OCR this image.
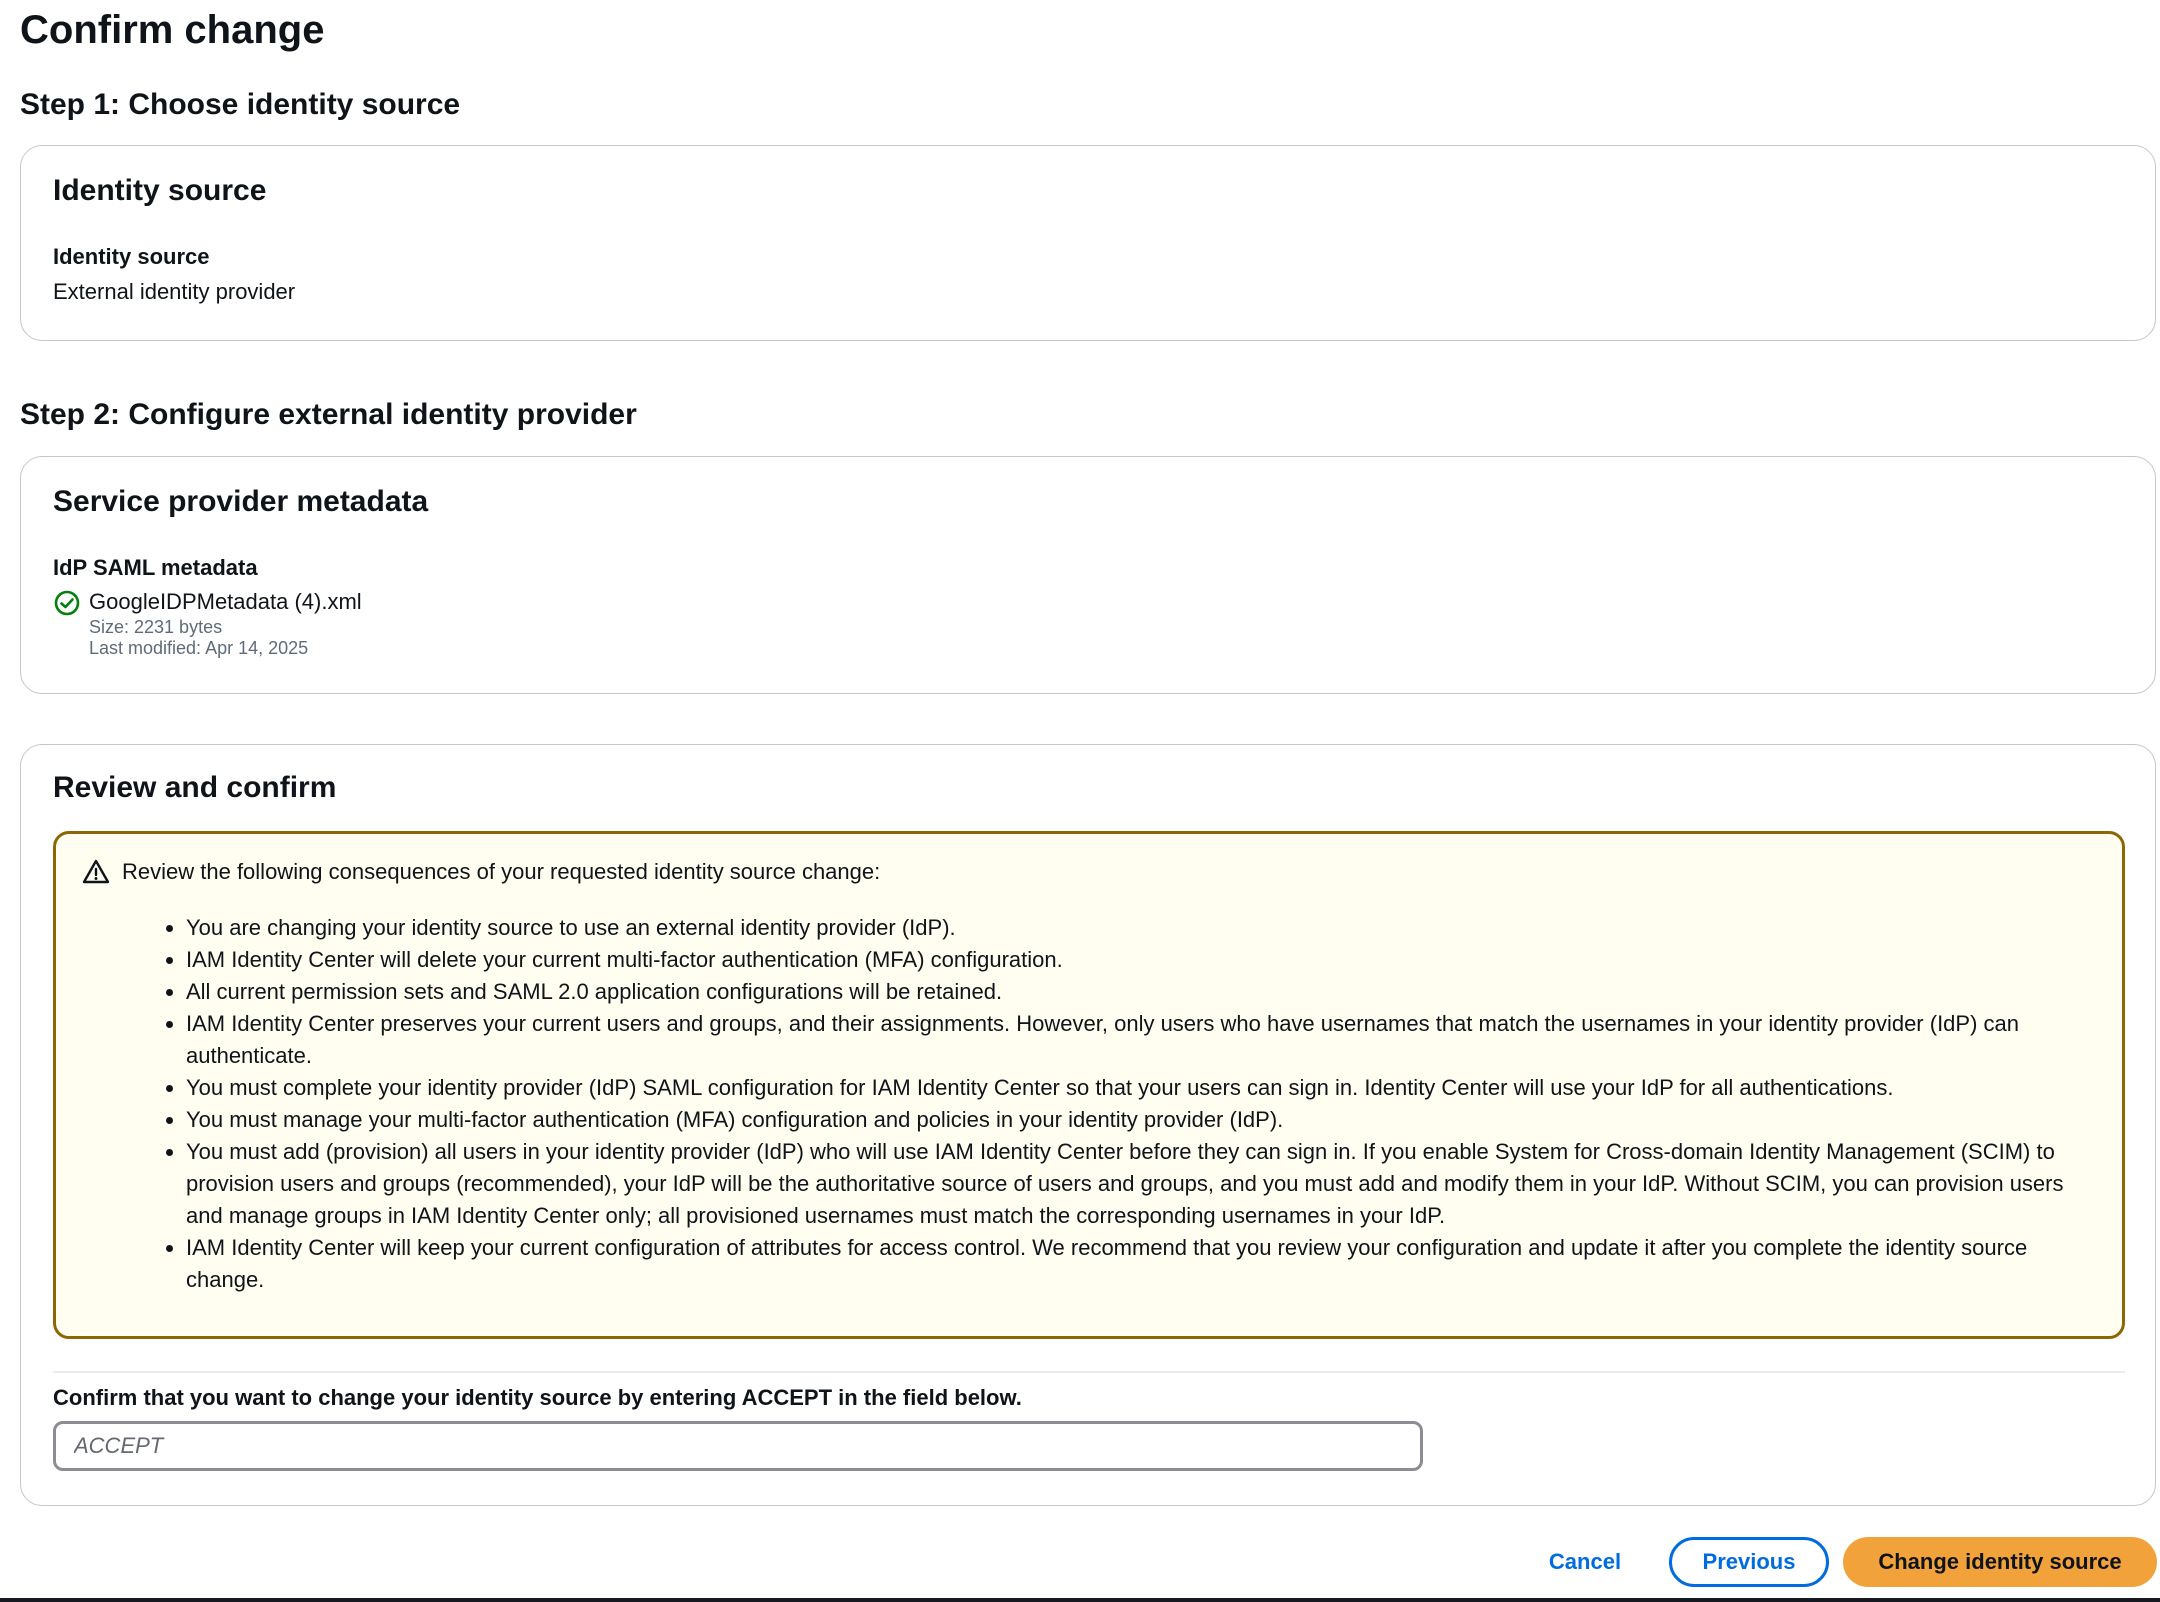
Confirm change
Step 1: Choose identity source
Identity source
Identity source
External identity provider
Step 2: Configure external identity provider
Service provider metadata
IdP SAML metadata
GoogleIDPMetadata (4).xml
Size: 2231 bytes
Last modified: Apr 14, 2025
Review and confirm
Review the following consequences of your requested identity source change:
• You are changing your identity source to use an external identity provider (IdP).
• IAM Identity Center will delete your current multi-factor authentication (MFA) configuration.
• All current permission sets and SAML 2.0 application configurations will be retained.
• IAM Identity Center preserves your current users and groups, and their assignments. However, only users who have usernames that match the usernames in your identity provider (IdP) can authenticate.
• You must complete your identity provider (IdP) SAML configuration for IAM Identity Center so that your users can sign in. Identity Center will use your IdP for all authentications.
• You must manage your multi-factor authentication (MFA) configuration and policies in your identity provider (IdP).
• You must add (provision) all users in your identity provider (IdP) who will use IAM Identity Center before they can sign in. If you enable System for Cross-domain Identity Management (SCIM) to provision users and groups (recommended), your IdP will be the authoritative source of users and groups, and you must add and modify them in your IdP. Without SCIM, you can provision users and manage groups in IAM Identity Center only; all provisioned usernames must match the corresponding usernames in your IdP.
• IAM Identity Center will keep your current configuration of attributes for access control. We recommend that you review your configuration and update it after you complete the identity source change.
Confirm that you want to change your identity source by entering ACCEPT in the field below.
ACCEPT
Cancel	Previous	Change identity source
